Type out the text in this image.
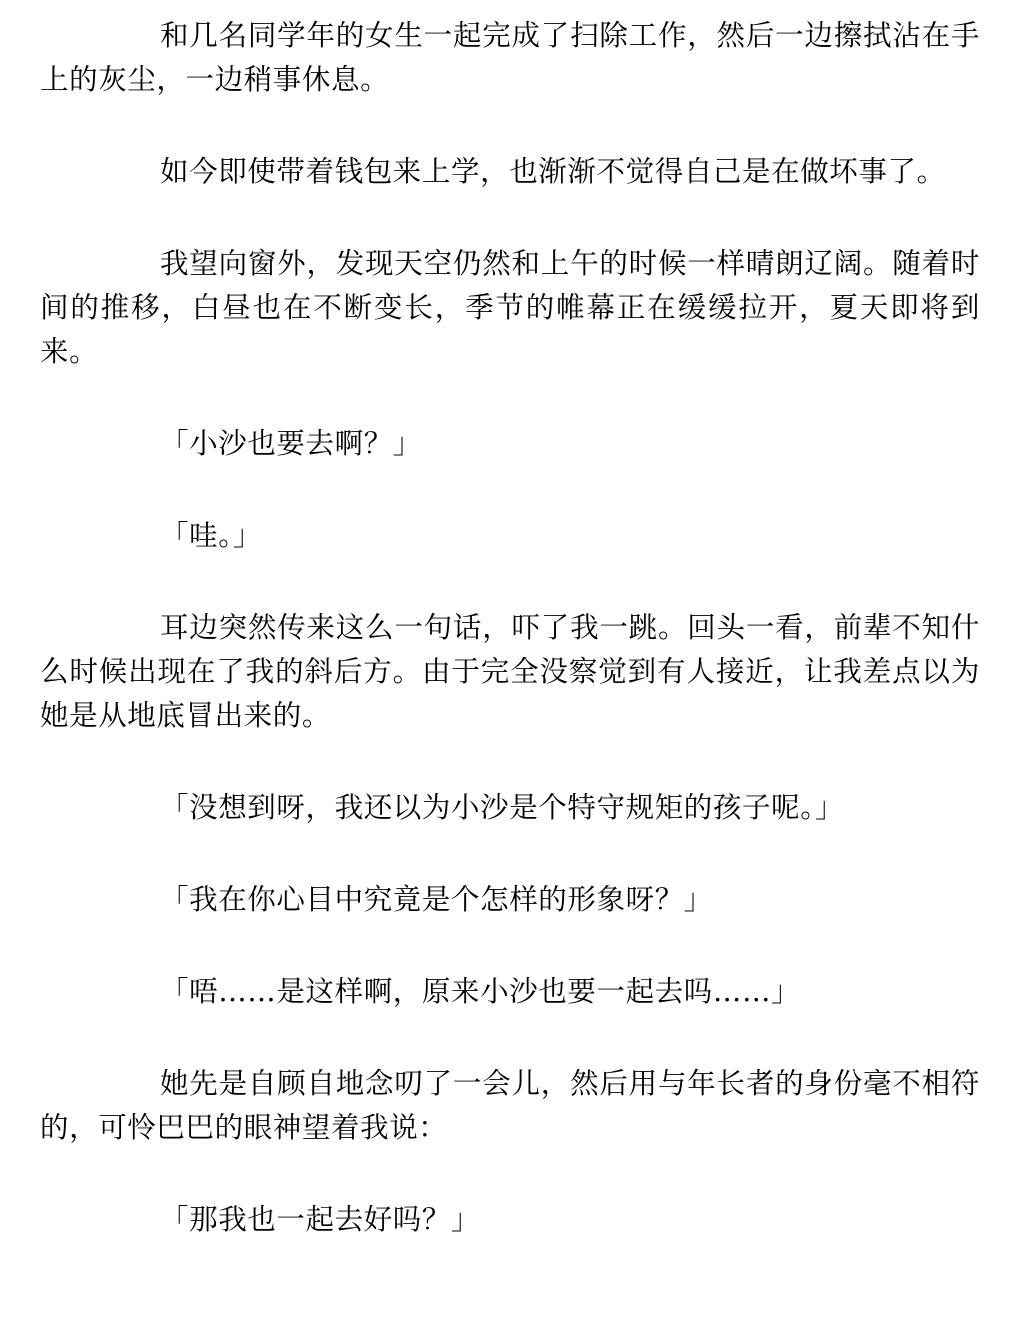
和几名同学年的女生一起完成了扫除工作，然后一边擦拭沾在手上的灰尘，一边稍事休息。

如今即使带着钱包来上学，也渐渐不觉得自己是在做坏事了。

我望向窗外，发现天空仍然和上午的时候一样晴朗辽阔。随着时间的推移，白昼也在不断变长，季节的帷幕正在缓缓拉开，夏天即将到来。

「小沙也要去啊？」

「哇。」

耳边突然传来这么一句话，吓了我一跳。回头一看，前辈不知什么时候出现在了我的斜后方。由于完全没察觉到有人接近，让我差点以为她是从地底冒出来的。

「没想到呀，我还以为小沙是个特守规矩的孩子呢。」

「我在你心目中究竟是个怎样的形象呀？」

「唔……是这样啊，原来小沙也要一起去吗……」

她先是自顾自地念叨了一会儿，然后用与年长者的身份毫不相符的，可怜巴巴的眼神望着我说：

「那我也一起去好吗？」
